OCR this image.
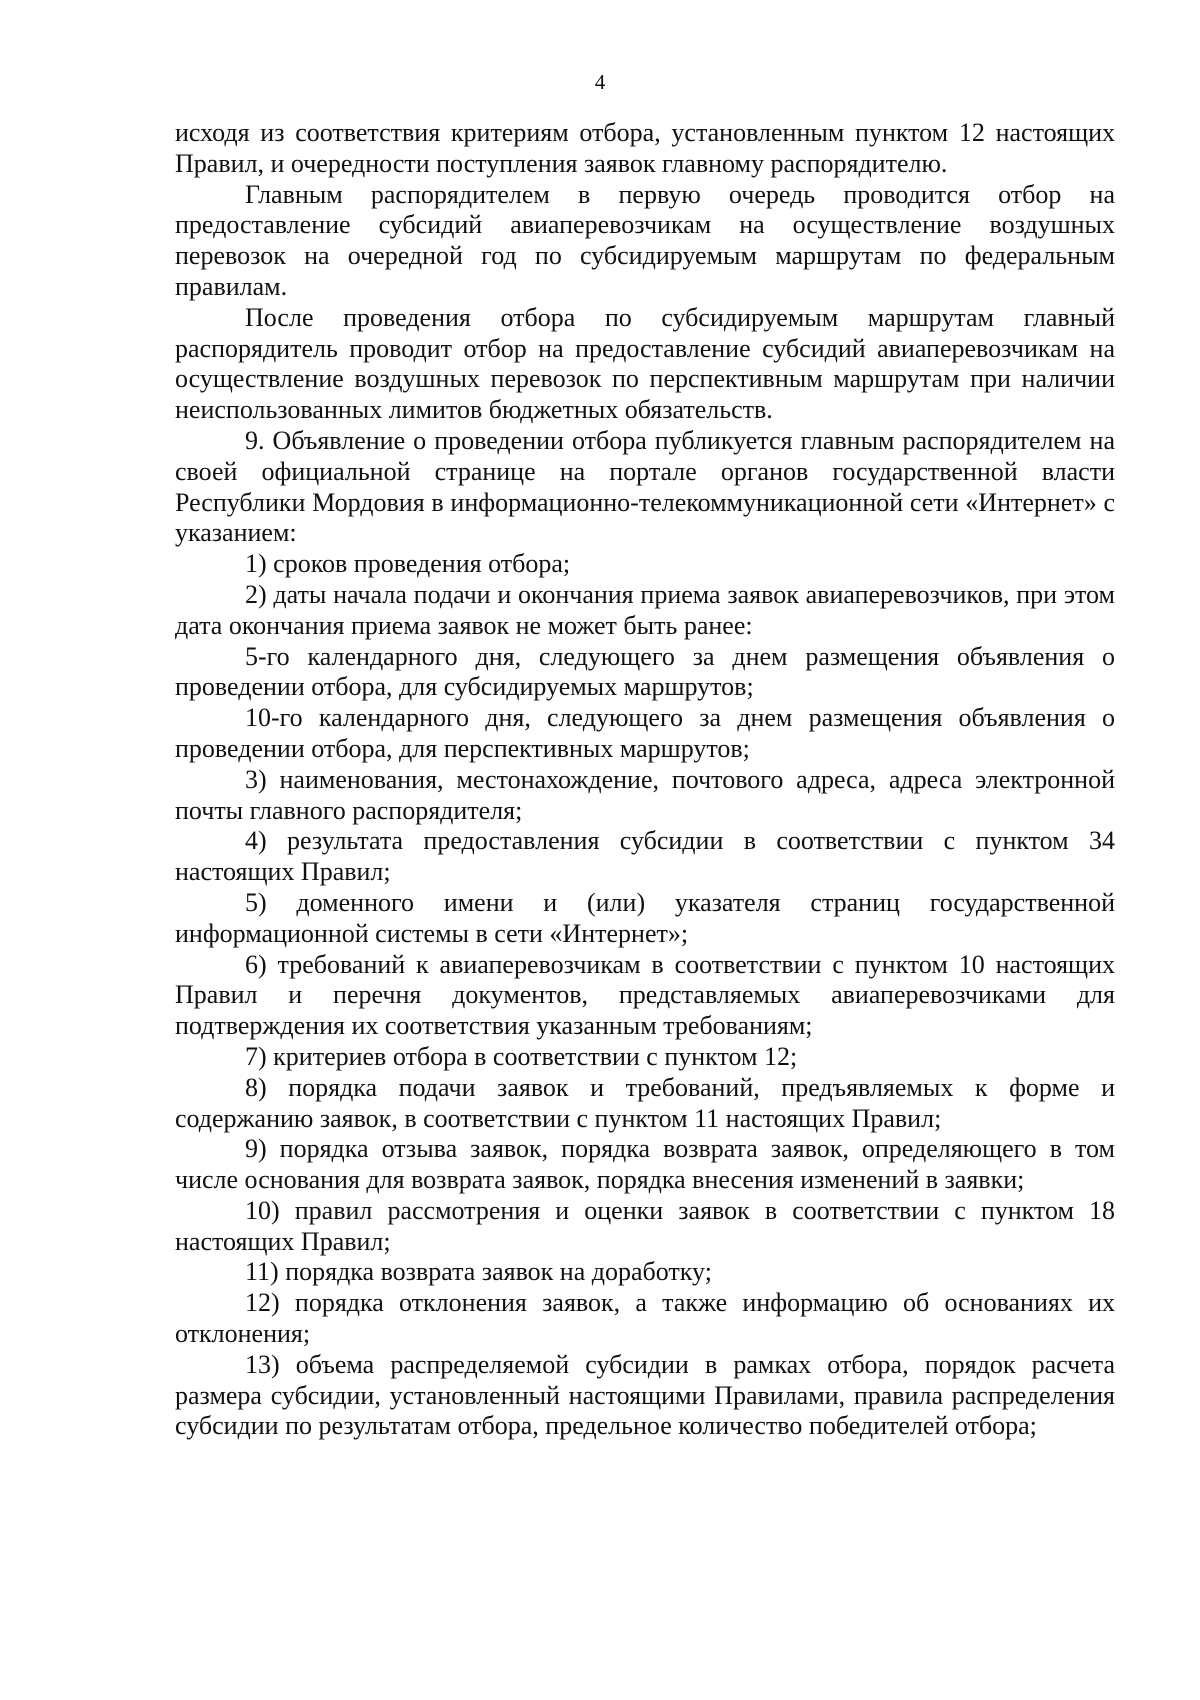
4

исходя из соответствия критериям отбора, установленным пунктом 12 настоящих Правил, и очередности поступления заявок главному распорядителю.

Главным распорядителем в первую очередь проводится отбор на предоставление субсидий авиаперевозчикам на осуществление воздушных перевозок на очередной год по субсидируемым маршрутам по федеральным правилам.

После проведения отбора по субсидируемым маршрутам главный распорядитель проводит отбор на предоставление субсидий авиаперевозчикам на осуществление воздушных перевозок по перспективным маршрутам при наличии неиспользованных лимитов бюджетных обязательств.

9. Объявление о проведении отбора публикуется главным распорядителем на своей официальной странице на портале органов государственной власти Республики Мордовия в информационно-телекоммуникационной сети «Интернет» с указанием:

1) сроков проведения отбора;

2) даты начала подачи и окончания приема заявок авиаперевозчиков, при этом дата окончания приема заявок не может быть ранее:

5-го календарного дня, следующего за днем размещения объявления о проведении отбора, для субсидируемых маршрутов;

10-го календарного дня, следующего за днем размещения объявления о проведении отбора, для перспективных маршрутов;

3) наименования, местонахождение, почтового адреса, адреса электронной почты главного распорядителя;

4) результата предоставления субсидии в соответствии с пунктом 34 настоящих Правил;

5) доменного имени и (или) указателя страниц государственной информационной системы в сети «Интернет»;

6) требований к авиаперевозчикам в соответствии с пунктом 10 настоящих Правил и перечня документов, представляемых авиаперевозчиками для подтверждения их соответствия указанным требованиям;

7) критериев отбора в соответствии с пунктом 12;

8) порядка подачи заявок и требований, предъявляемых к форме и содержанию заявок, в соответствии с пунктом 11 настоящих Правил;

9) порядка отзыва заявок, порядка возврата заявок, определяющего в том числе основания для возврата заявок, порядка внесения изменений в заявки;

10) правил рассмотрения и оценки заявок в соответствии с пунктом 18 настоящих Правил;

11) порядка возврата заявок на доработку;

12) порядка отклонения заявок, а также информацию об основаниях их отклонения;

13) объема распределяемой субсидии в рамках отбора, порядок расчета размера субсидии, установленный настоящими Правилами, правила распределения субсидии по результатам отбора, предельное количество победителей отбора;
